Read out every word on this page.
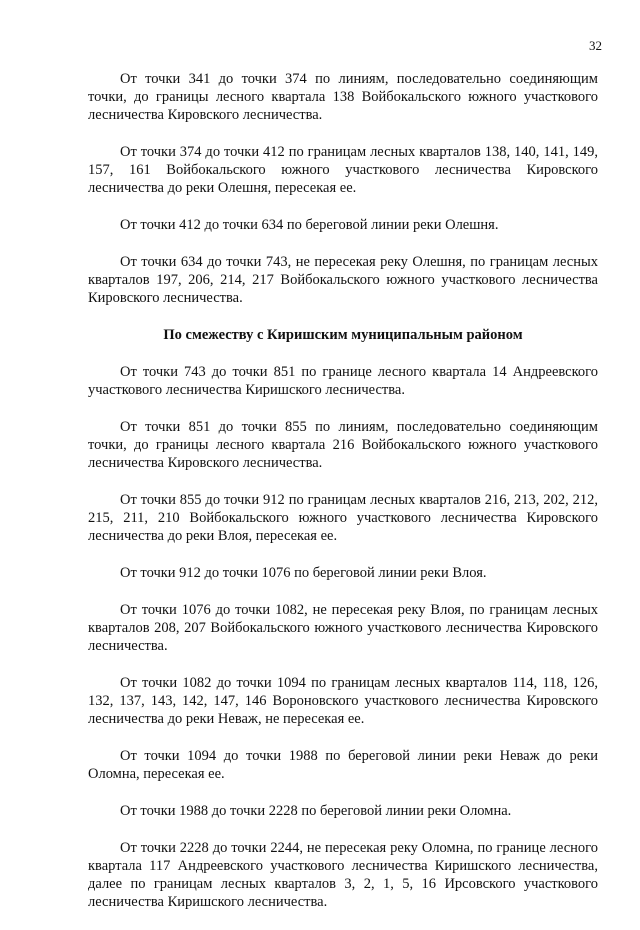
32

От точки 341 до точки 374 по линиям, последовательно соединяющим точки, до границы лесного квартала 138 Войбокальского южного участкового лесничества Кировского лесничества.

От точки 374 до точки 412 по границам лесных кварталов 138, 140, 141, 149, 157, 161 Войбокальского южного участкового лесничества Кировского лесничества до реки Олешня, пересекая ее.

От точки 412 до точки 634 по береговой линии реки Олешня.

От точки 634 до точки 743, не пересекая реку Олешня, по границам лесных кварталов 197, 206, 214, 217 Войбокальского южного участкового лесничества Кировского лесничества.

По смежеству с Киришским муниципальным районом

От точки 743 до точки 851 по границе лесного квартала 14 Андреевского участкового лесничества Киришского лесничества.

От точки 851 до точки 855 по линиям, последовательно соединяющим точки, до границы лесного квартала 216 Войбокальского южного участкового лесничества Кировского лесничества.

От точки 855 до точки 912 по границам лесных кварталов 216, 213, 202, 212, 215, 211, 210 Войбокальского южного участкового лесничества Кировского лесничества до реки Влоя, пересекая ее.

От точки 912 до точки 1076 по береговой линии реки Влоя.

От точки 1076 до точки 1082, не пересекая реку Влоя, по границам лесных кварталов 208, 207 Войбокальского южного участкового лесничества Кировского лесничества.

От точки 1082 до точки 1094 по границам лесных кварталов 114, 118, 126, 132, 137, 143, 142, 147, 146 Вороновского участкового лесничества Кировского лесничества до реки Неваж, не пересекая ее.

От точки 1094 до точки 1988 по береговой линии реки Неваж до реки Оломна, пересекая ее.

От точки 1988 до точки 2228 по береговой линии реки Оломна.

От точки 2228 до точки 2244, не пересекая реку Оломна, по границе лесного квартала 117 Андреевского участкового лесничества Киришского лесничества, далее по границам лесных кварталов 3, 2, 1, 5, 16 Ирсовского участкового лесничества Киришского лесничества.
